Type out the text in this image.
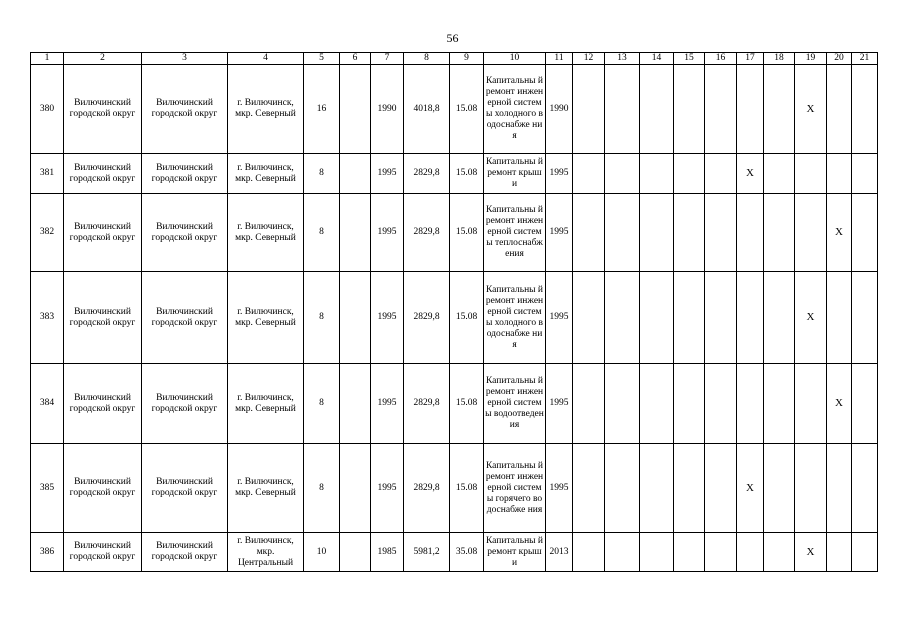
56
1	2	3	4	5	6	7	8	9	10	11	12	13	14	15	16	17	18	19	20	21
380	Вилючинский городской округ	Вилючинский городской округ	г. Вилючинск, мкр. Северный	16		1990	4018,8	15.08	Капитальны й ремонт инженерной системы холодного водоснабже ния	1990								X		
381	Вилючинский городской округ	Вилючинский городской округ	г. Вилючинск, мкр. Северный	8		1995	2829,8	15.08	Капитальны й ремонт крыши	1995						X				
382	Вилючинский городской округ	Вилючинский городской округ	г. Вилючинск, мкр. Северный	8		1995	2829,8	15.08	Капитальны й ремонт инженерной системы теплоснабж ения	1995									X	
383	Вилючинский городской округ	Вилючинский городской округ	г. Вилючинск, мкр. Северный	8		1995	2829,8	15.08	Капитальны й ремонт инженерной системы холодного водоснабже ния	1995								X		
384	Вилючинский городской округ	Вилючинский городской округ	г. Вилючинск, мкр. Северный	8		1995	2829,8	15.08	Капитальны й ремонт инженерной системы водоотведен ия	1995									X	
385	Вилючинский городской округ	Вилючинский городской округ	г. Вилючинск, мкр. Северный	8		1995	2829,8	15.08	Капитальны й ремонт инженерной системы горячего водоснабже ния	1995						X				
386	Вилючинский городской округ	Вилючинский городской округ	г. Вилючинск, мкр. Центральный	10		1985	5981,2	35.08	Капитальны й ремонт крыши	2013								X		
